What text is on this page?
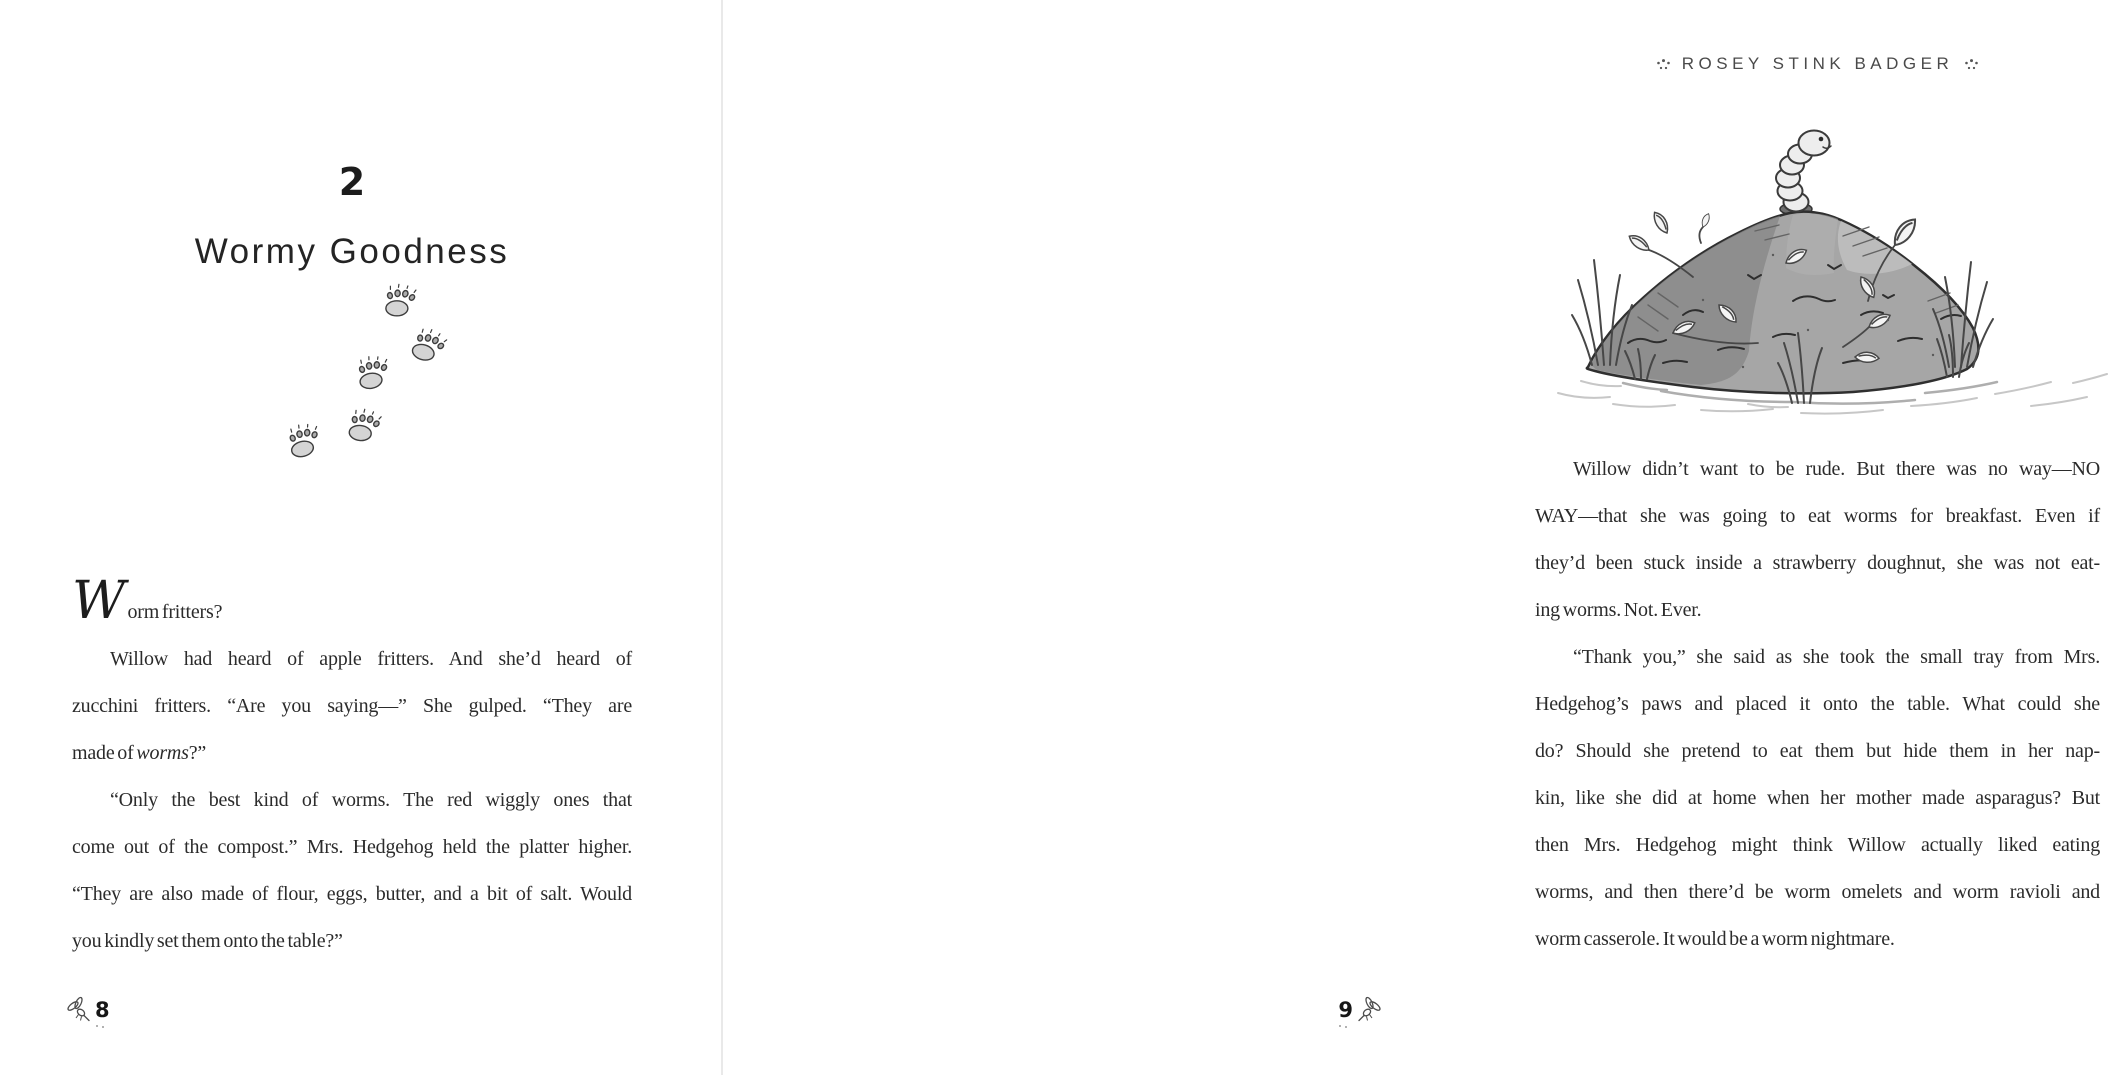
2
Wormy Goodness
Worm fritters?
Willow had heard of apple fritters. And she’d heard of
zucchini fritters. “Are you saying—” She gulped. “They are
made of worms?”
“Only the best kind of worms. The red wiggly ones that
come out of the compost.” Mrs. Hedgehog held the platter higher.
“They are also made of flour, eggs, butter, and a bit of salt. Would
you kindly set them onto the table?”
8
ROSEY STINK BADGER
Willow didn’t want to be rude. But there was no way—NO
WAY—that she was going to eat worms for breakfast. Even if
they’d been stuck inside a strawberry doughnut, she was not eat-
ing worms. Not. Ever.
“Thank you,” she said as she took the small tray from Mrs.
Hedgehog’s paws and placed it onto the table. What could she
do? Should she pretend to eat them but hide them in her nap-
kin, like she did at home when her mother made asparagus? But
then Mrs. Hedgehog might think Willow actually liked eating
worms, and then there’d be worm omelets and worm ravioli and
worm casserole. It would be a worm nightmare.
9
